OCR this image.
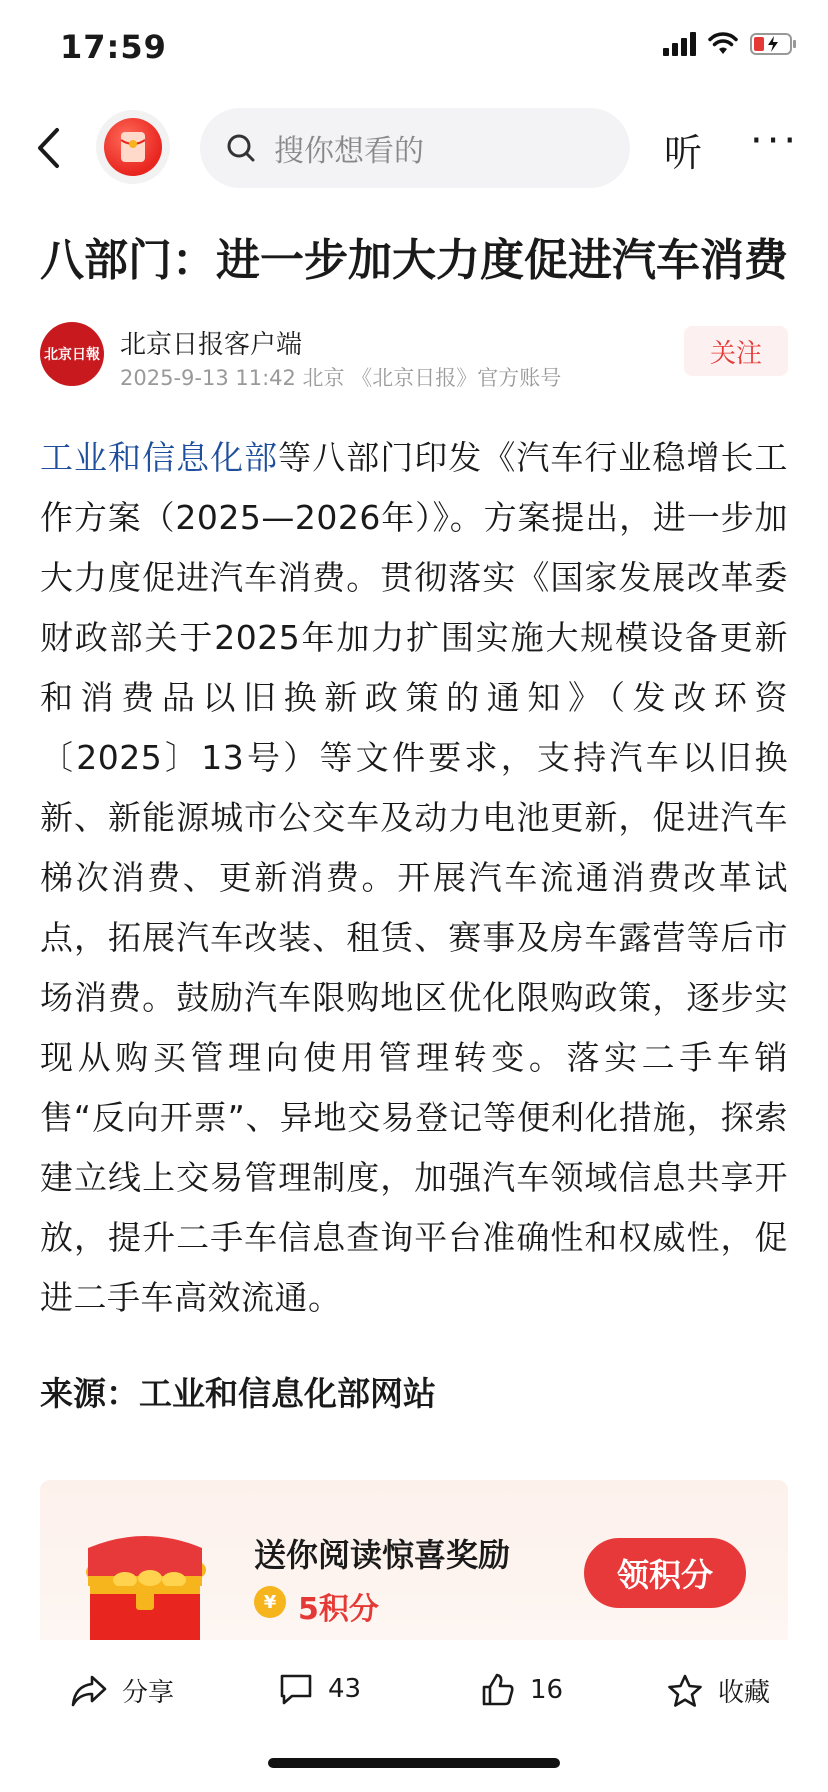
17:59
搜你想看的	听 ···
八部门：进一步加大力度促进汽车消费
北京日報 北京日报客户端
2025-9-13 11:42 北京 《北京日报》官方账号
关注
工业和信息化部等八部门印发《汽车行业稳增长工作方案（2025—2026年）》。方案提出，进一步加大力度促进汽车消费。贯彻落实《国家发展改革委财政部关于2025年加力扩围实施大规模设备更新和消费品以旧换新政策的通知》（发改环资〔2025〕13号）等文件要求，支持汽车以旧换新、新能源城市公交车及动力电池更新，促进汽车梯次消费、更新消费。开展汽车流通消费改革试点，拓展汽车改装、租赁、赛事及房车露营等后市场消费。鼓励汽车限购地区优化限购政策，逐步实现从购买管理向使用管理转变。落实二手车销售“反向开票”、异地交易登记等便利化措施，探索建立线上交易管理制度，加强汽车领域信息共享开放，提升二手车信息查询平台准确性和权威性，促进二手车高效流通。
来源：工业和信息化部网站
送你阅读惊喜奖励
¥ 5积分
领积分
分享	43	16	收藏
